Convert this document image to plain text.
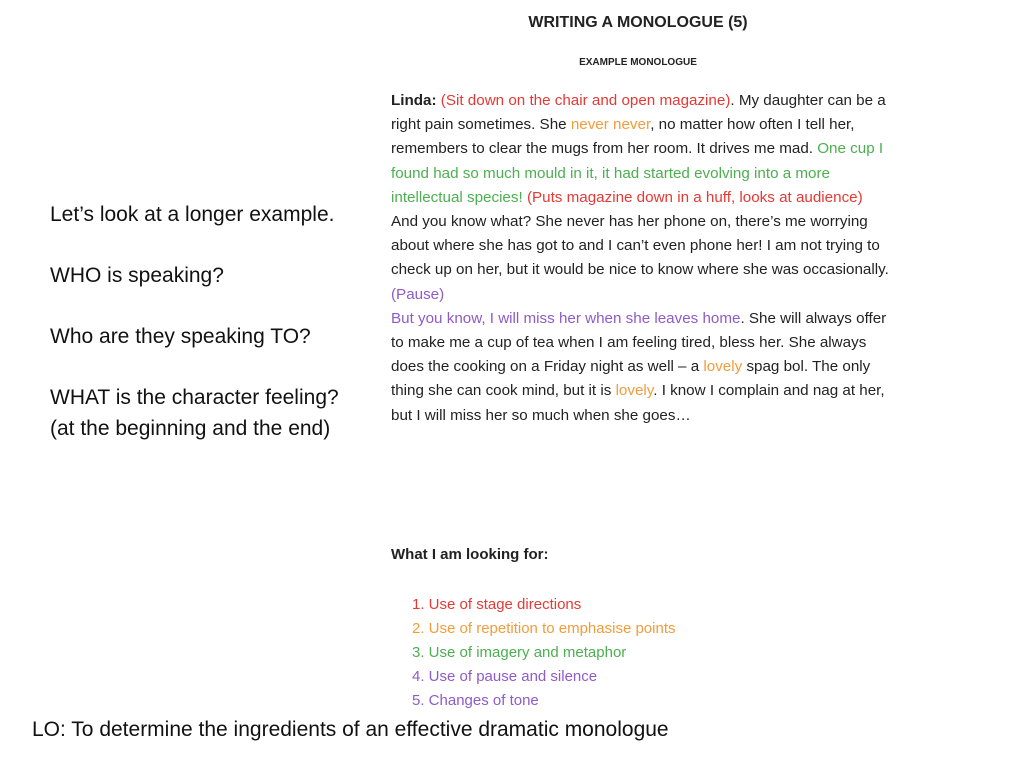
Let’s look at a longer example.

WHO is speaking?

Who are they speaking TO?

WHAT is the character feeling? (at the beginning and the end)

WRITING A MONOLOGUE (5)
EXAMPLE MONOLOGUE
Linda: (Sit down on the chair and open magazine). My daughter can be a right pain sometimes. She never never, no matter how often I tell her, remembers to clear the mugs from her room. It drives me mad. One cup I found had so much mould in it, it had started evolving into a more intellectual species! (Puts magazine down in a huff, looks at audience) And you know what? She never has her phone on, there’s me worrying about where she has got to and I can’t even phone her! I am not trying to check up on her, but it would be nice to know where she was occasionally.
(Pause)
But you know, I will miss her when she leaves home. She will always offer to make me a cup of tea when I am feeling tired, bless her. She always does the cooking on a Friday night as well – a lovely spag bol. The only thing she can cook mind, but it is lovely. I know I complain and nag at her, but I will miss her so much when she goes…
What I am looking for:
1. Use of stage directions
2. Use of repetition to emphasise points
3. Use of imagery and metaphor
4. Use of pause and silence
5. Changes of tone
LO: To determine the ingredients of an effective dramatic monologue
